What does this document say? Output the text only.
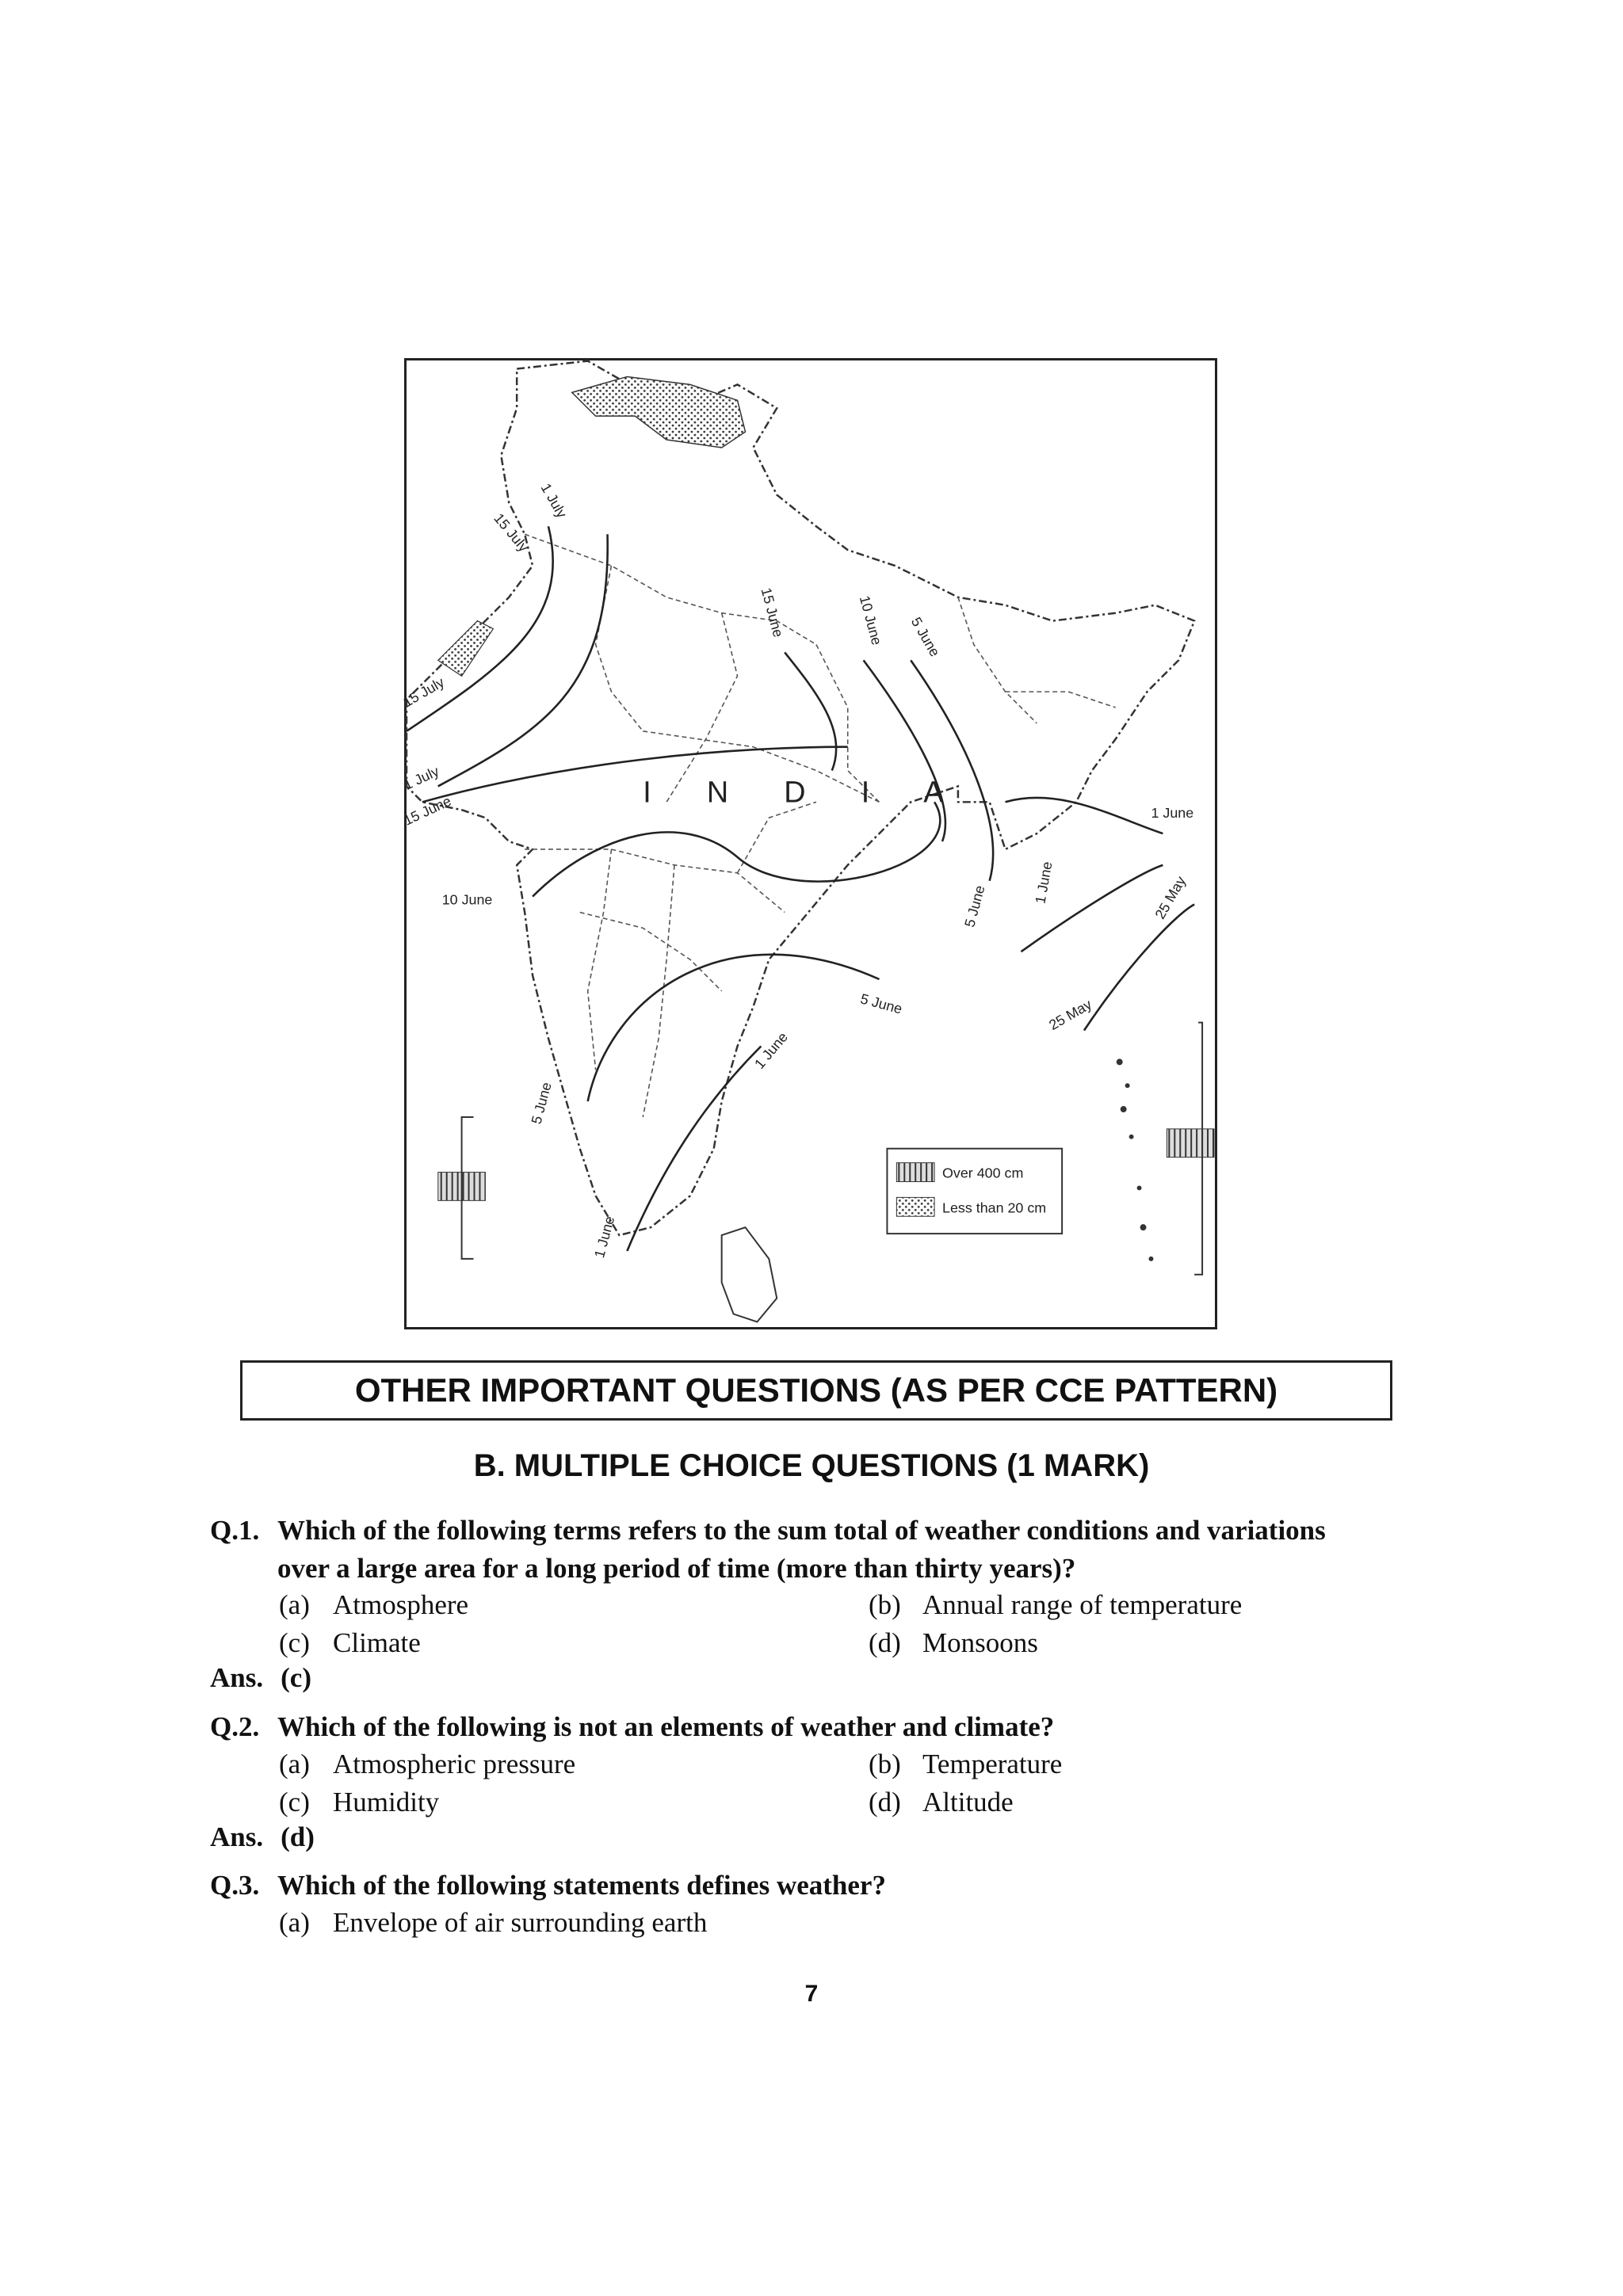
1 July
15 July
15 July
1 July
15 June
10 June
15 June	10 June 5 June
1 June
5 June
1 June	25 May
25 May
5 June
1 June
5 June
1 June
I N D I A
Over 400 cm
Less than 20 cm
OTHER IMPORTANT QUESTIONS (AS PER CCE PATTERN)
B. MULTIPLE CHOICE QUESTIONS (1 MARK)
Q.1. Which of the following terms refers to the sum total of weather conditions and variations
over a large area for a long period of time (more than thirty years)?
(a) Atmosphere	(b) Annual range of temperature
(c) Climate	(d) Monsoons
Ans. (c)
Q.2. Which of the following is not an elements of weather and climate?
(a) Atmospheric pressure	(b) Temperature
(c) Humidity	(d) Altitude
Ans. (d)
Q.3. Which of the following statements defines weather?
(a) Envelope of air surrounding earth
7
